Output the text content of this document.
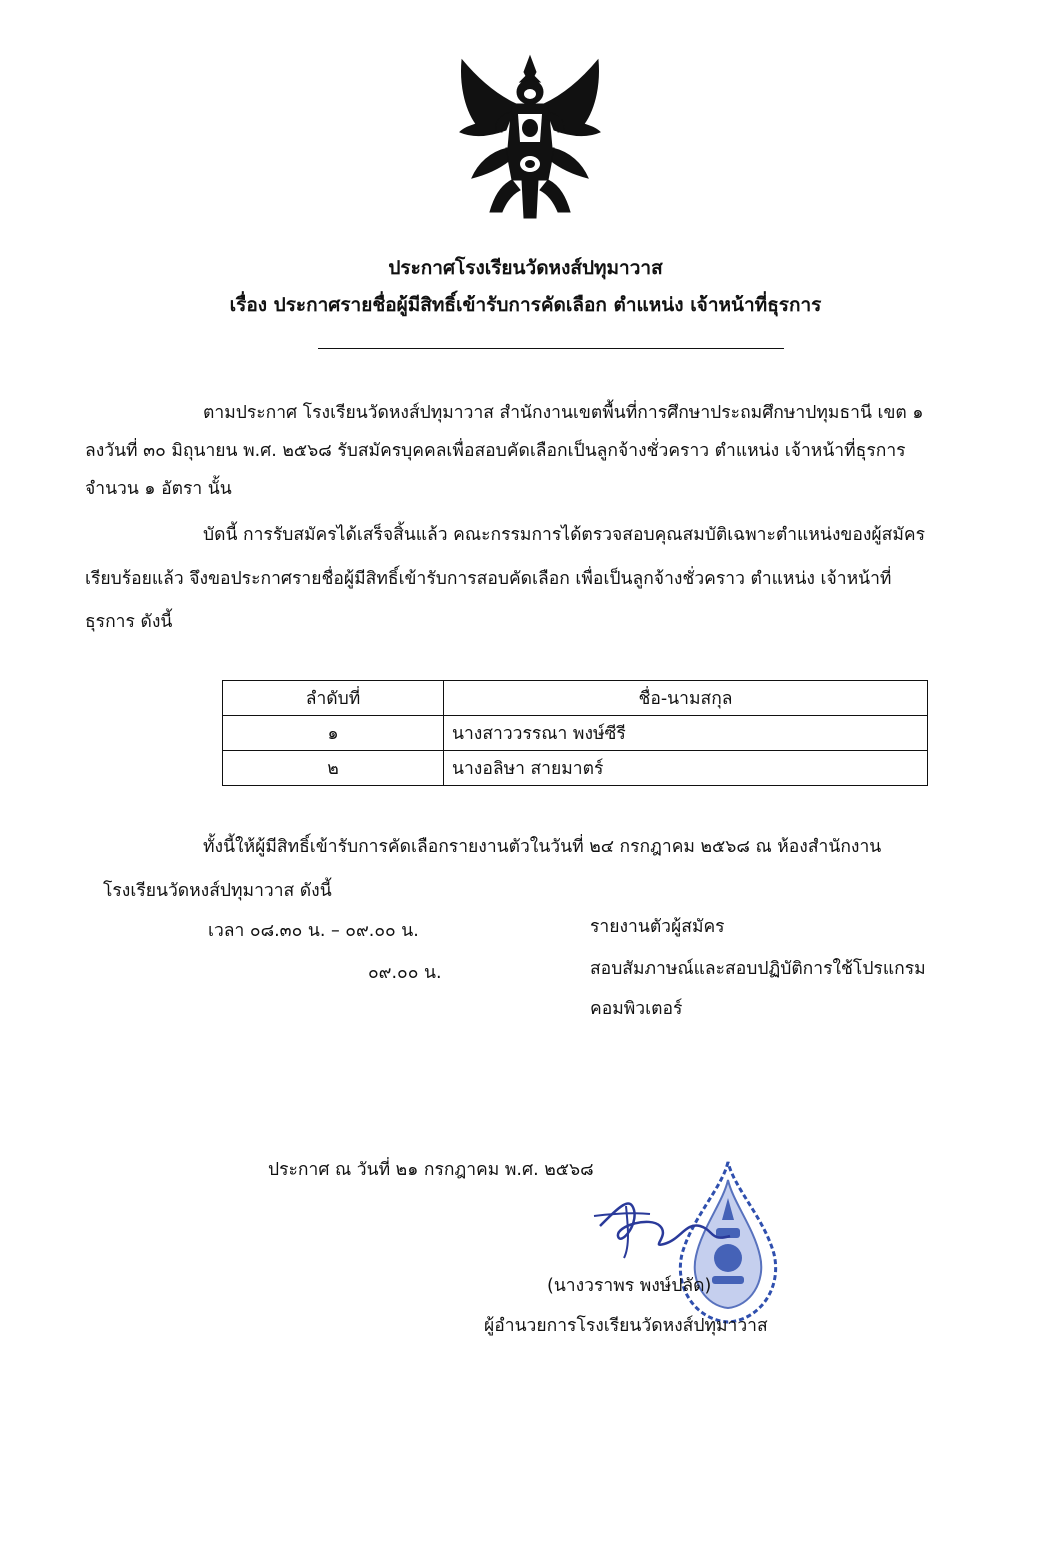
ประกาศโรงเรียนวัดหงส์ปทุมาวาส
เรื่อง ประกาศรายชื่อผู้มีสิทธิ์เข้ารับการคัดเลือก ตำแหน่ง เจ้าหน้าที่ธุรการ
ตามประกาศ โรงเรียนวัดหงส์ปทุมาวาส สำนักงานเขตพื้นที่การศึกษาประถมศึกษาปทุมธานี เขต ๑
ลงวันที่ ๓๐ มิถุนายน พ.ศ. ๒๕๖๘ รับสมัครบุคคลเพื่อสอบคัดเลือกเป็นลูกจ้างชั่วคราว ตำแหน่ง เจ้าหน้าที่ธุรการ
จำนวน ๑ อัตรา นั้น
บัดนี้ การรับสมัครได้เสร็จสิ้นแล้ว คณะกรรมการได้ตรวจสอบคุณสมบัติเฉพาะตำแหน่งของผู้สมัคร
เรียบร้อยแล้ว จึงขอประกาศรายชื่อผู้มีสิทธิ์เข้ารับการสอบคัดเลือก เพื่อเป็นลูกจ้างชั่วคราว ตำแหน่ง เจ้าหน้าที่
ธุรการ ดังนี้
ลำดับที่	ชื่อ-นามสกุล
๑	นางสาววรรณา พงษ์ซีรี
๒	นางอลิษา สายมาตร์
ทั้งนี้ให้ผู้มีสิทธิ์เข้ารับการคัดเลือกรายงานตัวในวันที่ ๒๔ กรกฎาคม ๒๕๖๘ ณ ห้องสำนักงาน
โรงเรียนวัดหงส์ปทุมาวาส ดังนี้
เวลา ๐๘.๓๐ น. – ๐๙.๐๐ น.	รายงานตัวผู้สมัคร
๐๙.๐๐ น.	สอบสัมภาษณ์และสอบปฏิบัติการใช้โปรแกรม
คอมพิวเตอร์
ประกาศ ณ วันที่ ๒๑ กรกฎาคม พ.ศ. ๒๕๖๘
(นางวราพร พงษ์ปลัด)
ผู้อำนวยการโรงเรียนวัดหงส์ปทุมาวาส
